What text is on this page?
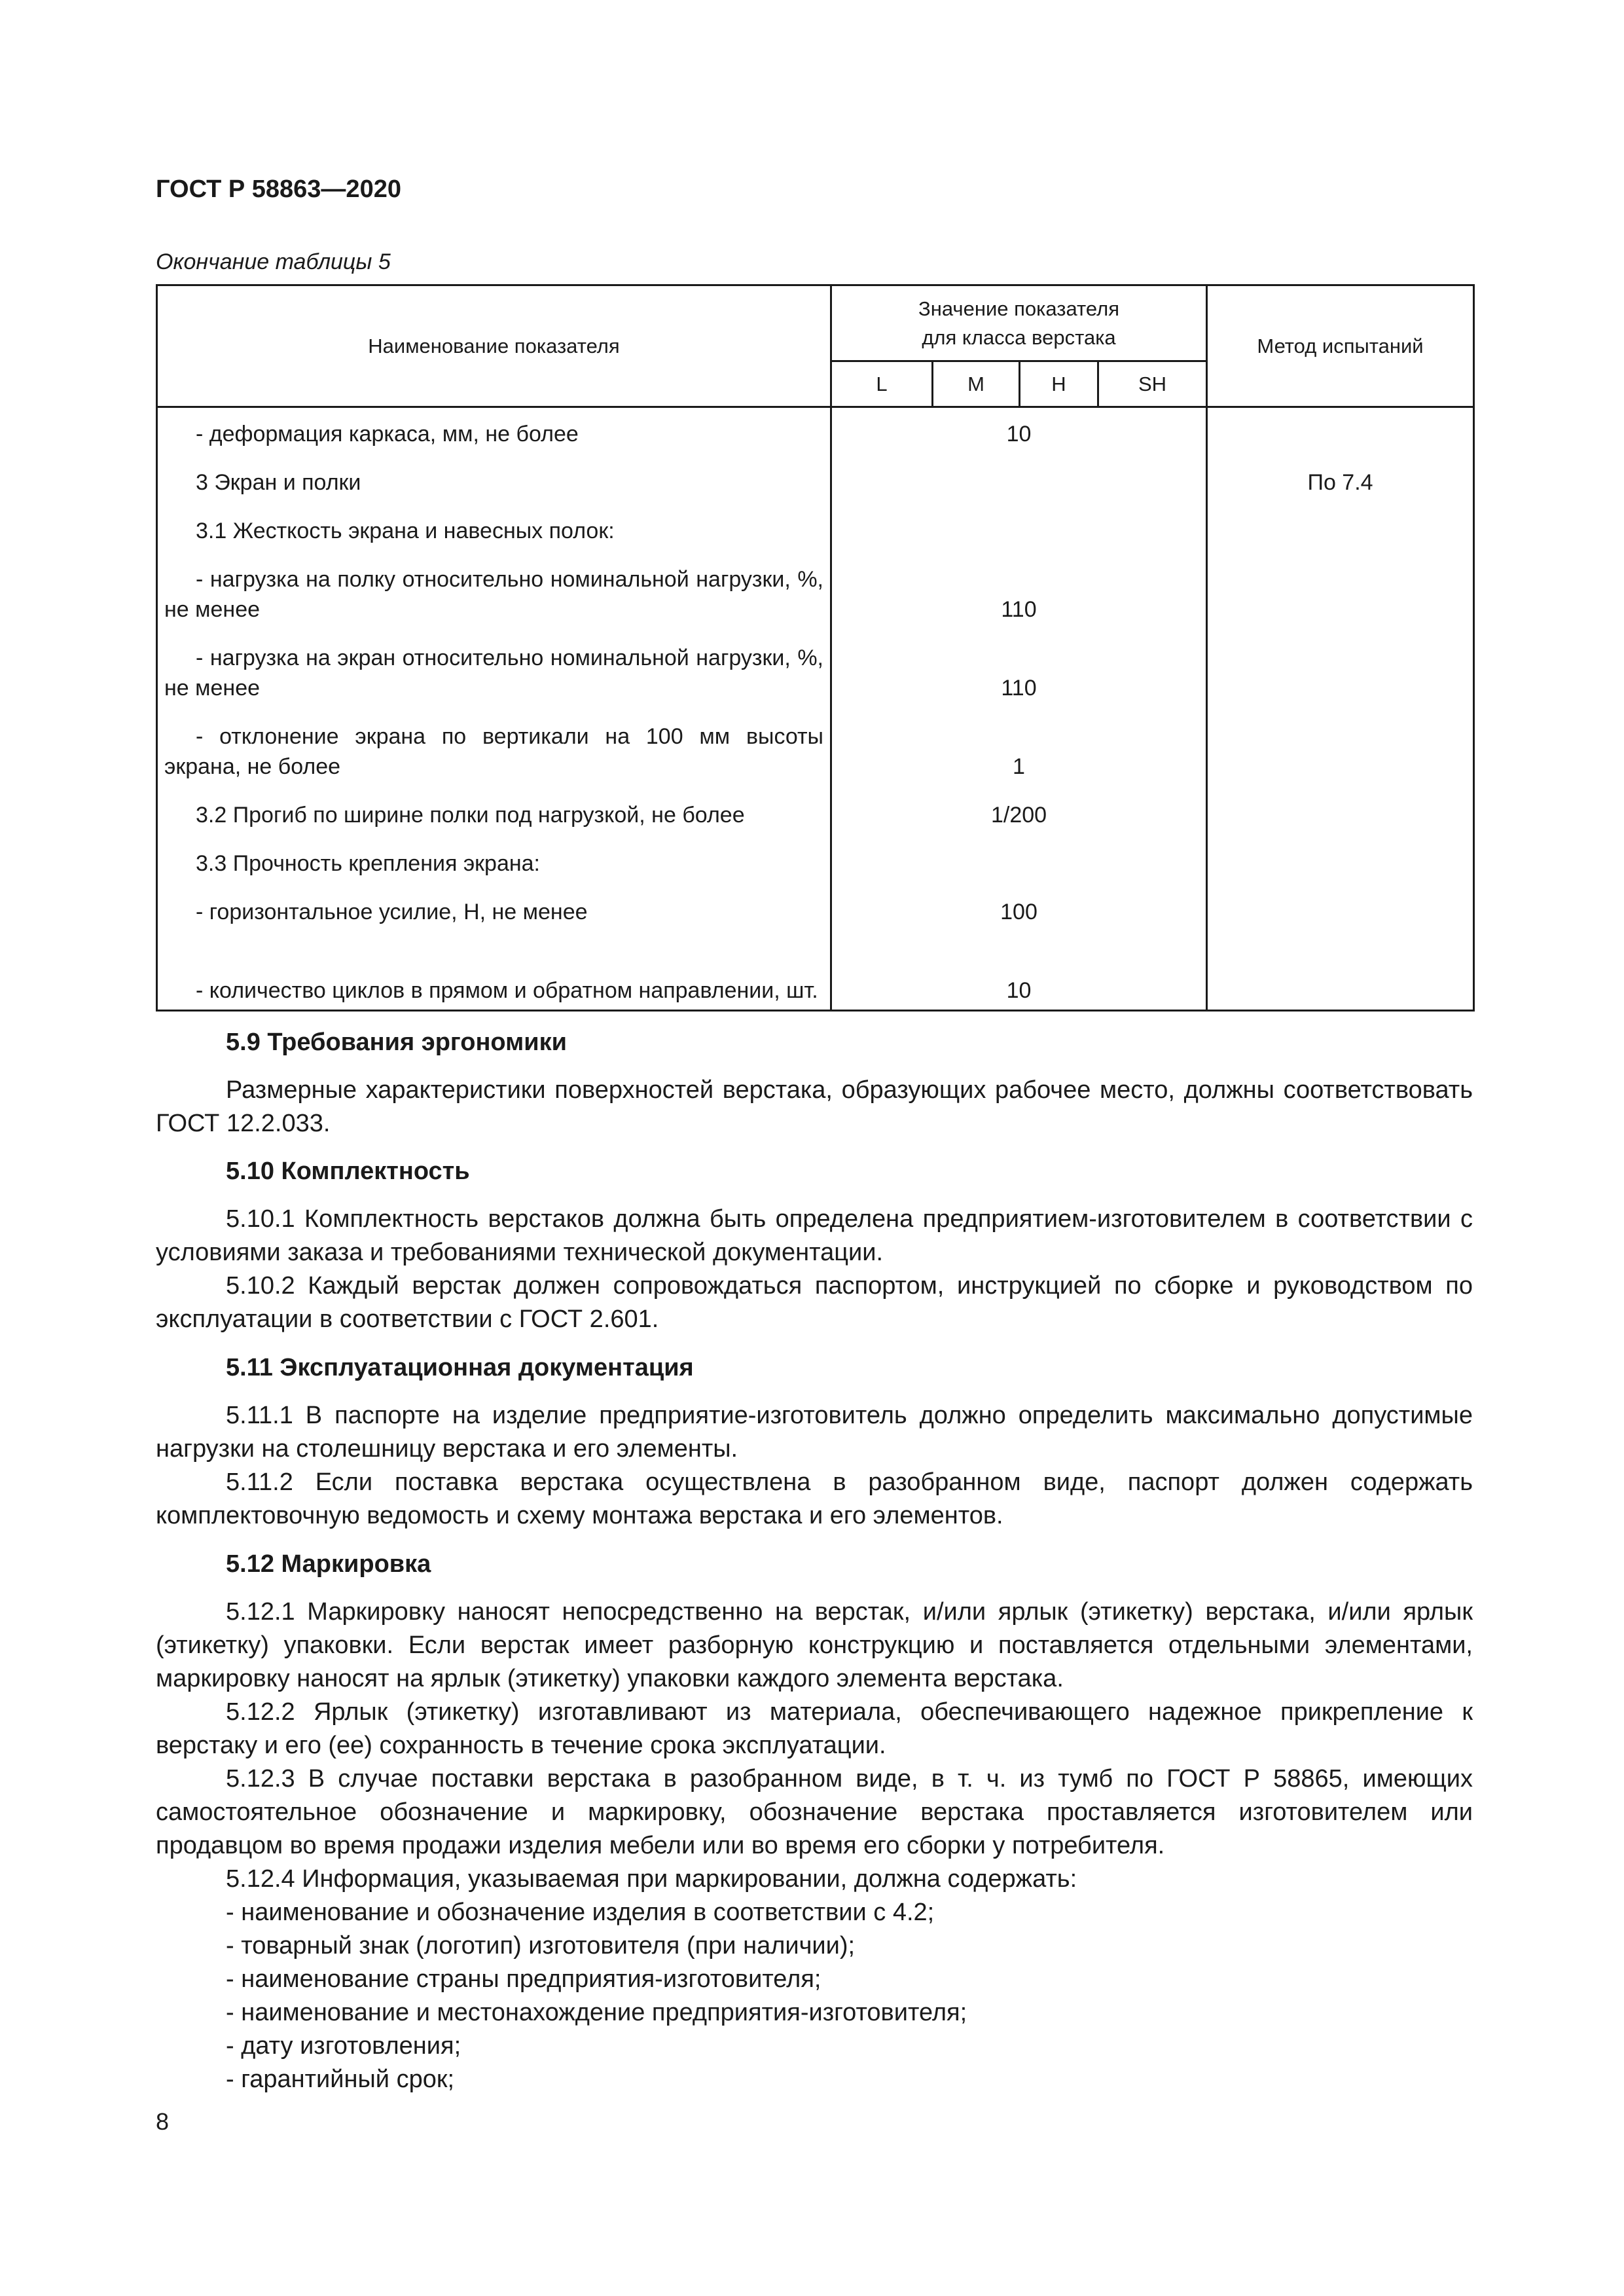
ГОСТ Р 58863—2020
Окончание таблицы 5
Наименование показателя	Значение показателя
для класса верстака				Метод испытаний
	L	M	H	SH	

- деформация каркаса, мм, не более	10				

3 Экран и полки					По 7.4

3.1 Жесткость экрана и навесных полок:					

- нагрузка на полку относительно номинальной нагрузки, %, не менее	110				

- нагрузка на экран относительно номинальной нагрузки, %, не менее	110				

- отклонение экрана по вертикали на 100 мм высоты экрана, не более	1				

3.2 Прогиб по ширине полки под нагрузкой, не более	1/200				

3.3 Прочность крепления экрана:					

- горизонтальное усилие, Н, не менее	100				

- количество циклов в прямом и обратном направлении, шт.	10				
5.9 Требования эргономики
Размерные характеристики поверхностей верстака, образующих рабочее место, должны соответствовать ГОСТ 12.2.033.
5.10 Комплектность
5.10.1 Комплектность верстаков должна быть определена предприятием-изготовителем в соответствии с условиями заказа и требованиями технической документации.
5.10.2 Каждый верстак должен сопровождаться паспортом, инструкцией по сборке и руководством по эксплуатации в соответствии с ГОСТ 2.601.
5.11 Эксплуатационная документация
5.11.1 В паспорте на изделие предприятие-изготовитель должно определить максимально допустимые нагрузки на столешницу верстака и его элементы.
5.11.2 Если поставка верстака осуществлена в разобранном виде, паспорт должен содержать комплектовочную ведомость и схему монтажа верстака и его элементов.
5.12 Маркировка
5.12.1 Маркировку наносят непосредственно на верстак, и/или ярлык (этикетку) верстака, и/или ярлык (этикетку) упаковки. Если верстак имеет разборную конструкцию и поставляется отдельными элементами, маркировку наносят на ярлык (этикетку) упаковки каждого элемента верстака.
5.12.2 Ярлык (этикетку) изготавливают из материала, обеспечивающего надежное прикрепление к верстаку и его (ее) сохранность в течение срока эксплуатации.
5.12.3 В случае поставки верстака в разобранном виде, в т. ч. из тумб по ГОСТ Р 58865, имеющих самостоятельное обозначение и маркировку, обозначение верстака проставляется изготовителем или продавцом во время продажи изделия мебели или во время его сборки у потребителя.
5.12.4 Информация, указываемая при маркировании, должна содержать:
- наименование и обозначение изделия в соответствии с 4.2;
- товарный знак (логотип) изготовителя (при наличии);
- наименование страны предприятия-изготовителя;
- наименование и местонахождение предприятия-изготовителя;
- дату изготовления;
- гарантийный срок;
8
